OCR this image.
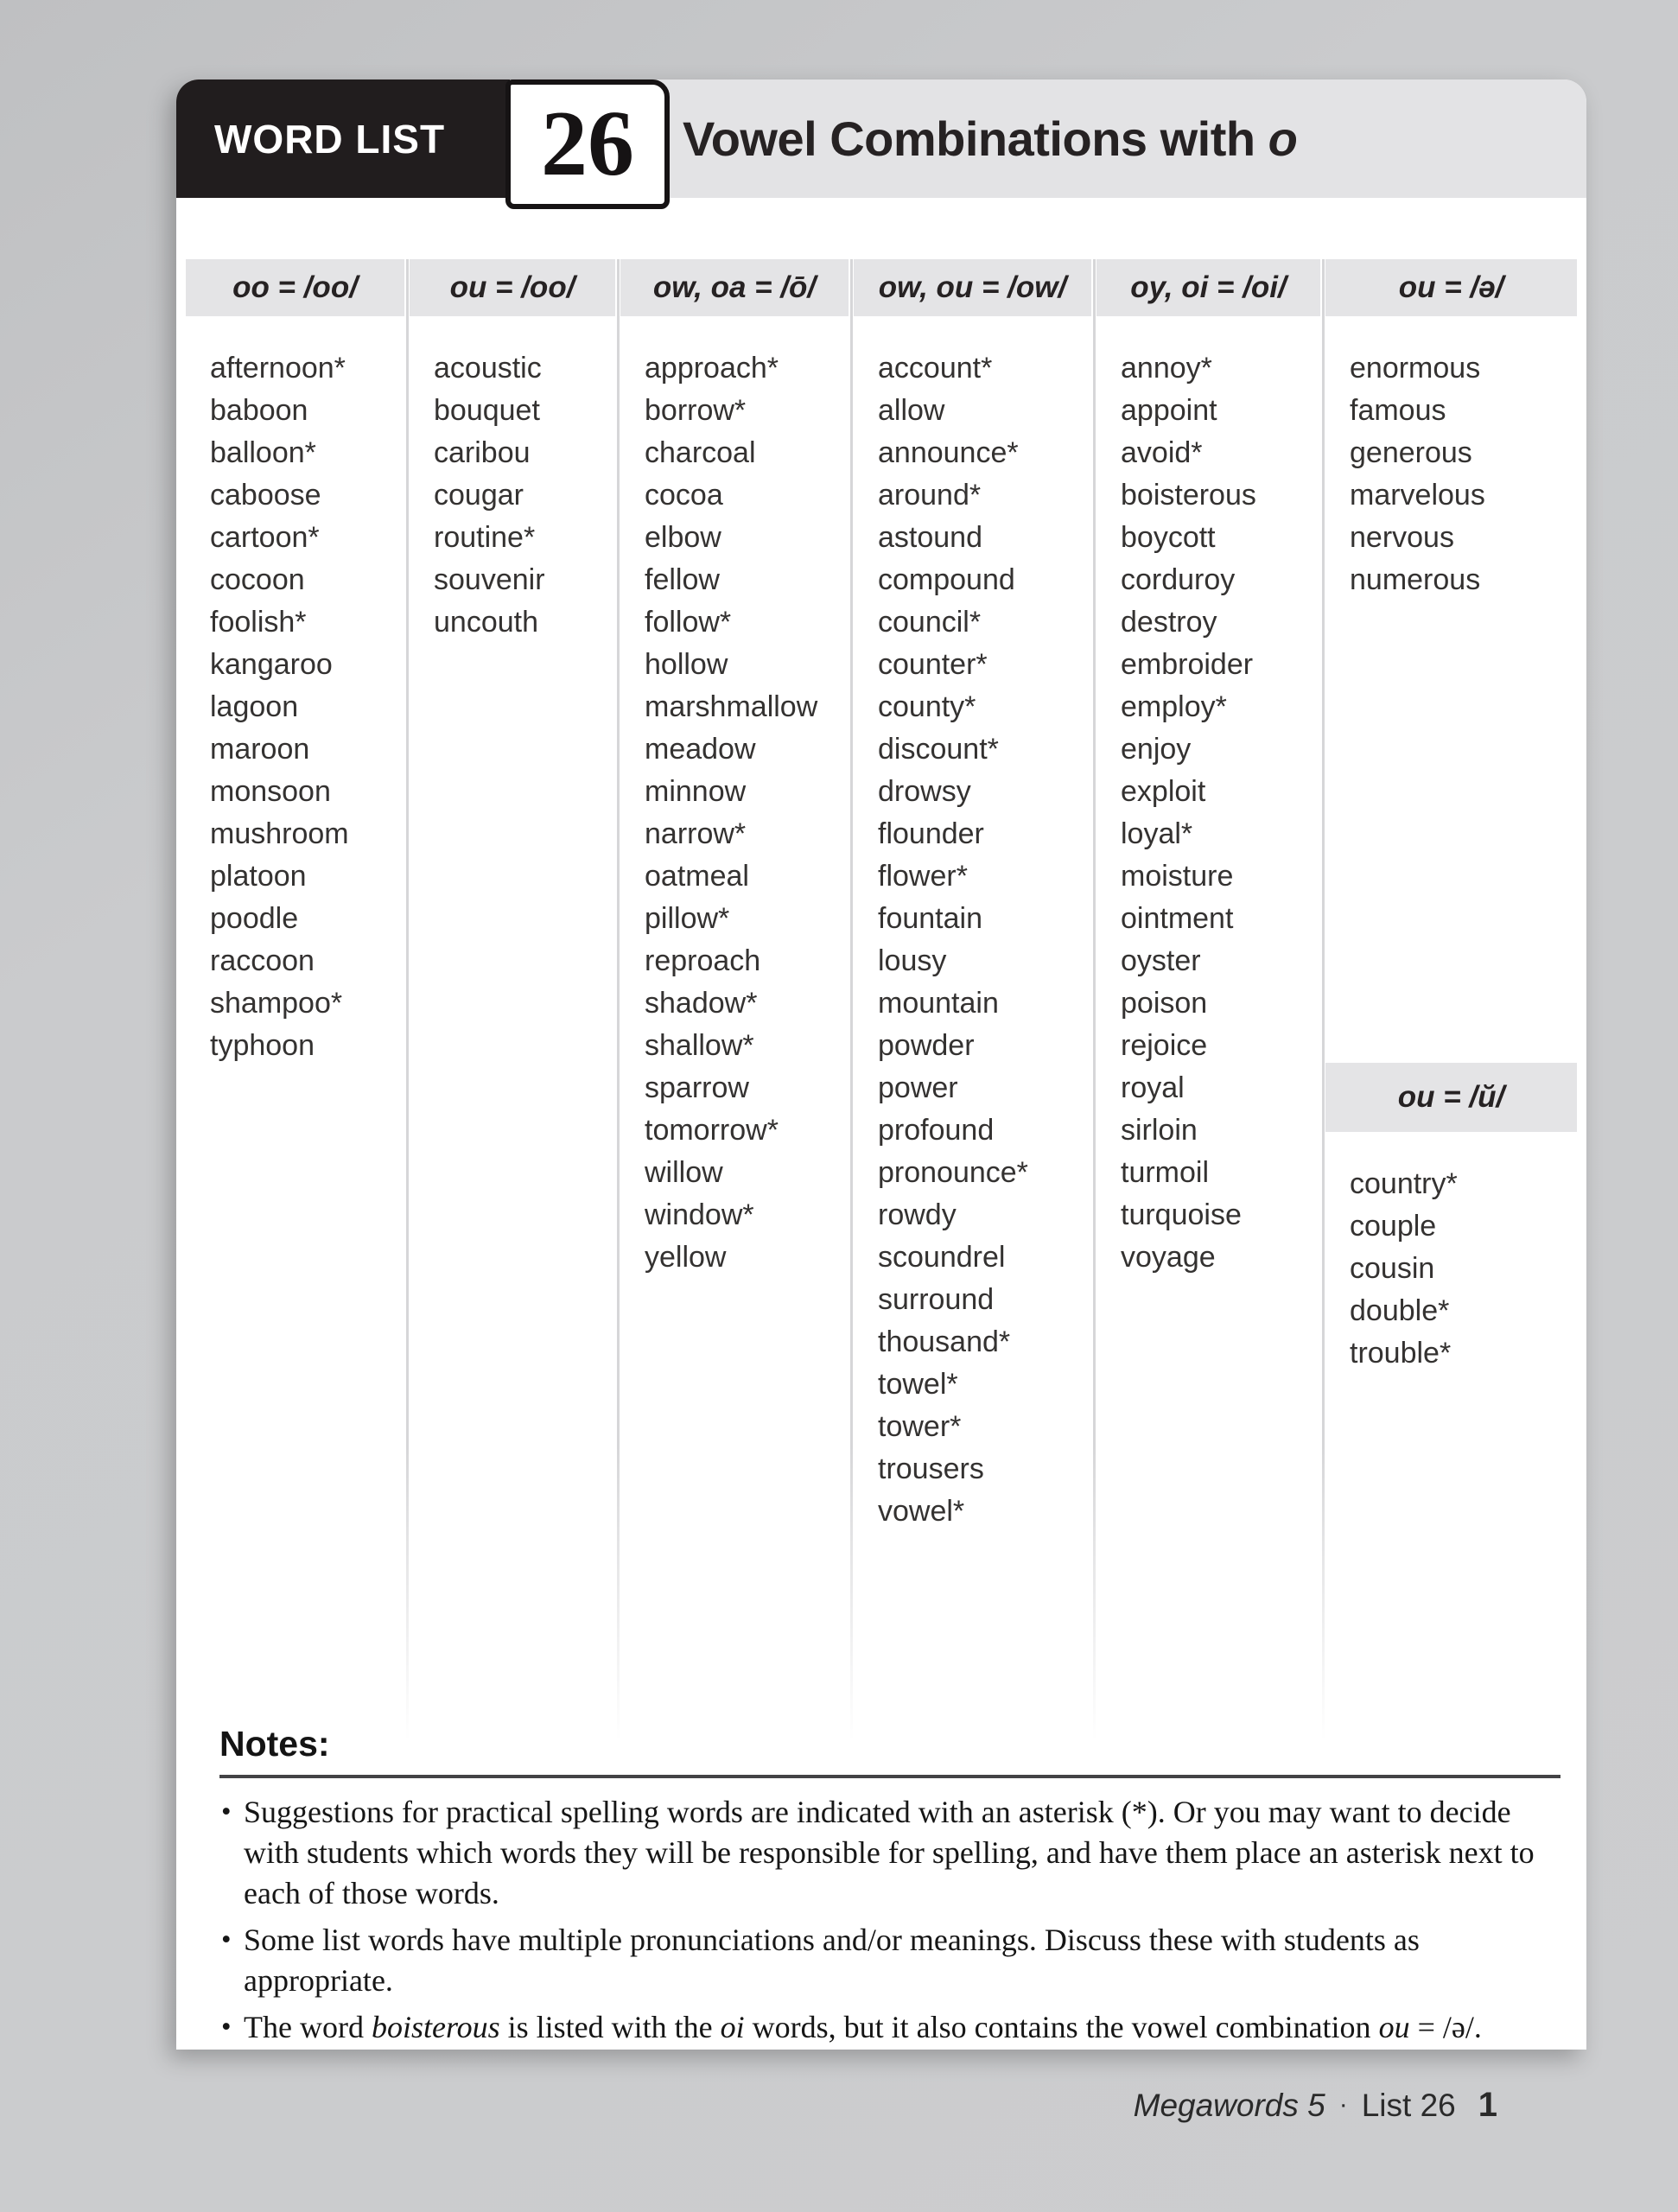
WORD LIST	Vowel Combinations with o
26
oo = /oo/
afternoon*
baboon
balloon*
caboose
cartoon*
cocoon
foolish*
kangaroo
lagoon
maroon
monsoon
mushroom
platoon
poodle
raccoon
shampoo*
typhoon
ou = /oo/
acoustic
bouquet
caribou
cougar
routine*
souvenir
uncouth
ow, oa = /ō/
approach*
borrow*
charcoal
cocoa
elbow
fellow
follow*
hollow
marshmallow
meadow
minnow
narrow*
oatmeal
pillow*
reproach
shadow*
shallow*
sparrow
tomorrow*
willow
window*
yellow
ow, ou = /ow/
account*
allow
announce*
around*
astound
compound
council*
counter*
county*
discount*
drowsy
flounder
flower*
fountain
lousy
mountain
powder
power
profound
pronounce*
rowdy
scoundrel
surround
thousand*
towel*
tower*
trousers
vowel*
oy, oi = /oi/
annoy*
appoint
avoid*
boisterous
boycott
corduroy
destroy
embroider
employ*
enjoy
exploit
loyal*
moisture
ointment
oyster
poison
rejoice
royal
sirloin
turmoil
turquoise
voyage
ou = /ə/
enormous
famous
generous
marvelous
nervous
numerous
ou = /ŭ/
country*
couple
cousin
double*
trouble*

Notes:

• Suggestions for practical spelling words are indicated with an asterisk (*). Or you may want to decide with students which words they will be responsible for spelling, and have them place an asterisk next to each of those words.
• Some list words have multiple pronunciations and/or meanings. Discuss these with students as appropriate.
• The word boisterous is listed with the oi words, but it also contains the vowel combination ou = /ə/.
Megawords 5 · List 26 1
